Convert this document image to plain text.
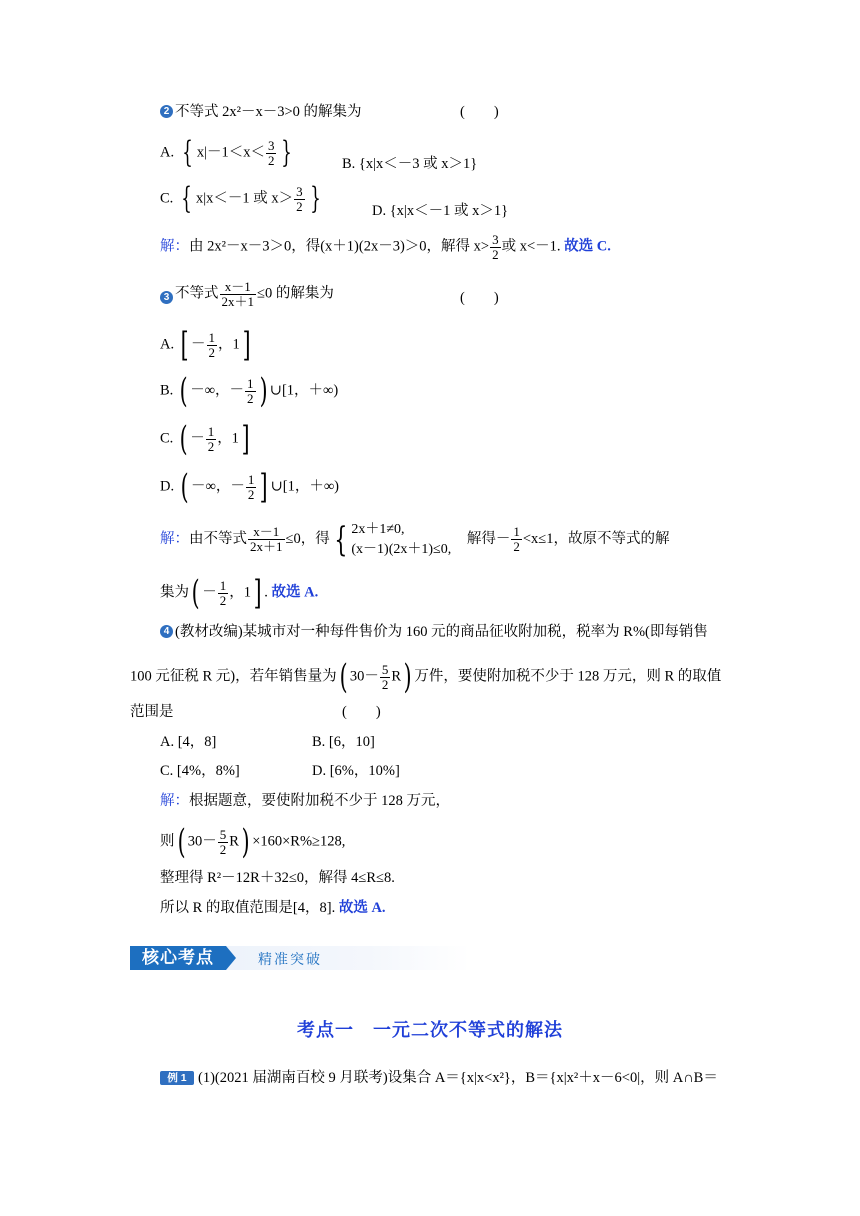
2 不等式 2x²－x－3>0 的解集为	(　　)
A. { $x|-1<x< \frac{3}{2}$ }	B. {x|x＜－3 或 x＞1}
C. { x|x＜－1 或 $x> \frac{3}{2}$ }	D. {x|x＜－1 或 x＞1}
解：由 2x²－x－3＞0，得(x＋1)(2x－3)＞0，解得 $x> \frac{3}{2}$ 或 x<－1. 故选 C.
3 不等式 $\frac{x-1}{2x+1} \le 0$ 的解集为	(　　)
A. [ － $\frac{1}{2}$ ，1]
B. ( －∞，－ $\frac{1}{2}$ ) ∪[1，＋∞)
C. ( － $\frac{1}{2}$ ，1]
D. ( －∞，－ $\frac{1}{2}$ ] ∪[1，＋∞)
解：由不等式 $\frac{x-1}{2x+1} \le 0$，得 { 2x＋1≠0,
(x－1)(2x＋1)≤0,
解得－ $\frac{1}{2} <x\le 1$，故原不等式的解
集为( － $\frac{1}{2}$ ，1] . 故选 A.
4 (教材改编)某城市对一种每件售价为 160 元的商品征收附加税，税率为 R%(即每销售
100 元征税 R 元)，若年销售量为( $30- \frac{5}{2} R$) 万件，要使附加税不少于 128 万元，则 R 的取值
范围是	(　　)
A. [4，8]	B. [6，10]
C. [4%，8%]	D. [6%，10%]
解：根据题意，要使附加税不少于 128 万元，
则( $30- \frac{5}{2} R) \times 160\times R\%\ge 128$,
整理得 R²－12R＋32≤0，解得 4≤R≤8.
所以 R 的取值范围是[4，8]. 故选 A.
核心考点	精准突破
考点一　一元二次不等式的解法
例 1 (1)(2021 届湖南百校 9 月联考)设集合 A＝{x|x<x²}，B＝{x|x²＋x－6<0|，则 A∩B＝
